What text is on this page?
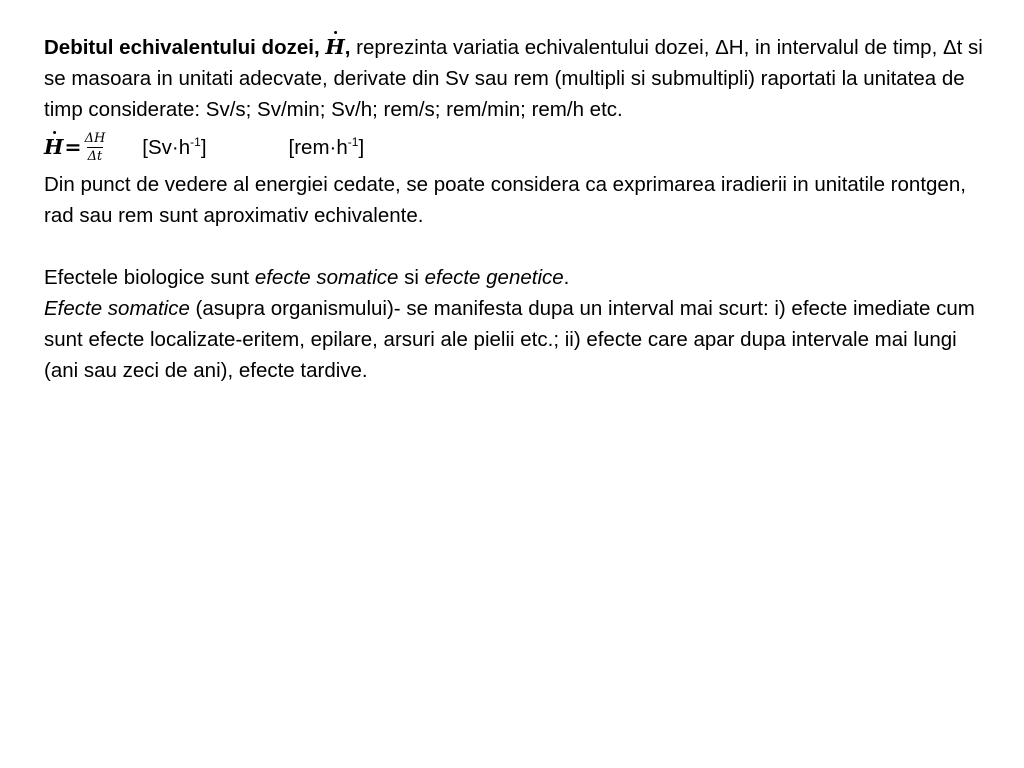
Debitul echivalentului dozei, H, reprezinta variatia echivalentului dozei, ΔH, in intervalul de timp, Δt si se masoara in unitati adecvate, derivate din Sv sau rem (multipli si submultipli) raportati la unitatea de timp considerate: Sv/s; Sv/min; Sv/h; rem/s; rem/min; rem/h etc.

$H = \frac{\Delta H}{\Delta t} [Sv\cdot h^{-1}]$	$[rem\cdot h^{-1}]$

Din punct de vedere al energiei cedate, se poate considera ca exprimarea iradierii in unitatile rontgen, rad sau rem sunt aproximativ echivalente.

Efectele biologice sunt efecte somatice si efecte genetice.

Efecte somatice (asupra organismului)- se manifesta dupa un interval mai scurt: i) efecte imediate cum sunt efecte localizate-eritem, epilare, arsuri ale pielii etc.; ii) efecte care apar dupa intervale mai lungi (ani sau zeci de ani), efecte tardive.
